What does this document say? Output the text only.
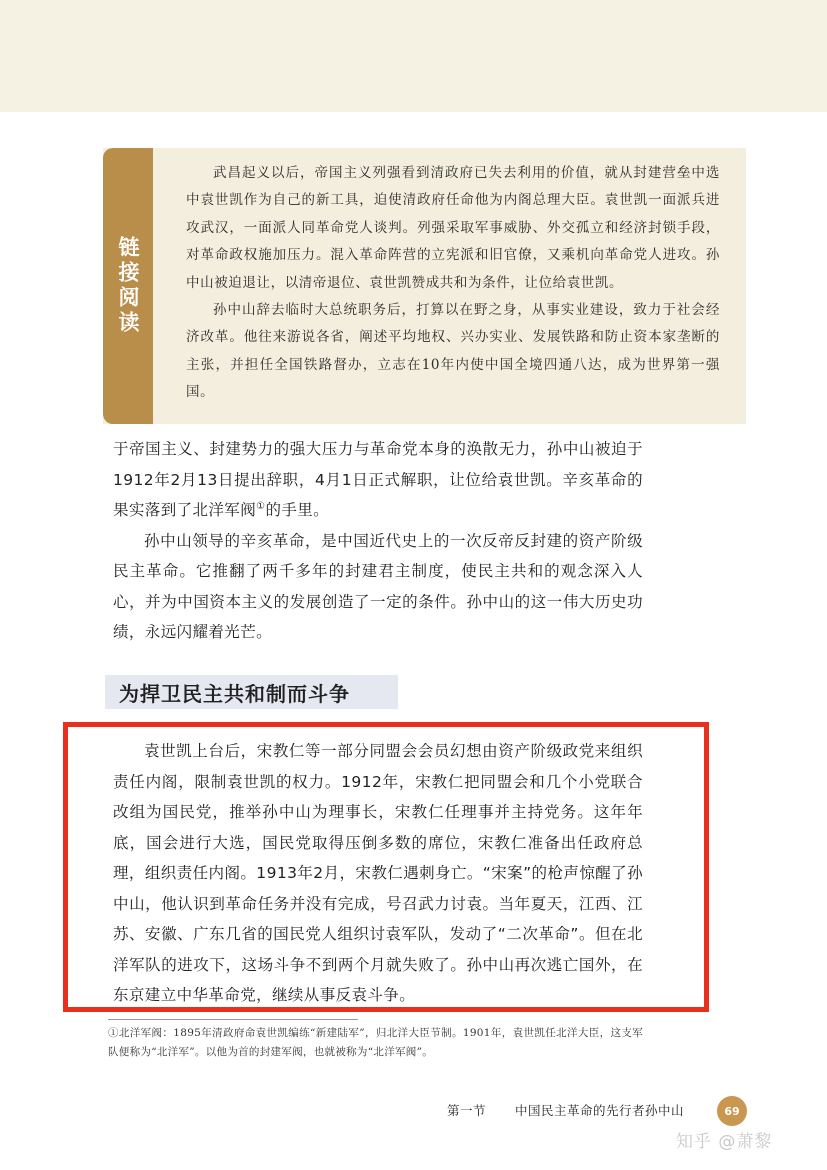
链接阅读

武昌起义以后，帝国主义列强看到清政府已失去利用的价值，就从封建营垒中选中袁世凯作为自己的新工具，迫使清政府任命他为内阁总理大臣。袁世凯一面派兵进攻武汉，一面派人同革命党人谈判。列强采取军事威胁、外交孤立和经济封锁手段，对革命政权施加压力。混入革命阵营的立宪派和旧官僚，又乘机向革命党人进攻。孙中山被迫退让，以清帝退位、袁世凯赞成共和为条件，让位给袁世凯。

孙中山辞去临时大总统职务后，打算以在野之身，从事实业建设，致力于社会经济改革。他往来游说各省，阐述平均地权、兴办实业、发展铁路和防止资本家垄断的主张，并担任全国铁路督办，立志在10年内使中国全境四通八达，成为世界第一强国。

于帝国主义、封建势力的强大压力与革命党本身的涣散无力，孙中山被迫于1912年2月13日提出辞职，4月1日正式解职，让位给袁世凯。辛亥革命的果实落到了北洋军阀①的手里。

孙中山领导的辛亥革命，是中国近代史上的一次反帝反封建的资产阶级民主革命。它推翻了两千多年的封建君主制度，使民主共和的观念深入人心，并为中国资本主义的发展创造了一定的条件。孙中山的这一伟大历史功绩，永远闪耀着光芒。

为捍卫民主共和制而斗争

袁世凯上台后，宋教仁等一部分同盟会会员幻想由资产阶级政党来组织责任内阁，限制袁世凯的权力。1912年，宋教仁把同盟会和几个小党联合改组为国民党，推举孙中山为理事长，宋教仁任理事并主持党务。这年年底，国会进行大选，国民党取得压倒多数的席位，宋教仁准备出任政府总理，组织责任内阁。1913年2月，宋教仁遇刺身亡。“宋案”的枪声惊醒了孙中山，他认识到革命任务并没有完成，号召武力讨袁。当年夏天，江西、江苏、安徽、广东几省的国民党人组织讨袁军队，发动了“二次革命”。但在北洋军队的进攻下，这场斗争不到两个月就失败了。孙中山再次逃亡国外，在东京建立中华革命党，继续从事反袁斗争。

①北洋军阀：1895年清政府命袁世凯编练“新建陆军”，归北洋大臣节制。1901年，袁世凯任北洋大臣，这支军队便称为“北洋军”。以他为首的封建军阀，也就被称为“北洋军阀”。
第一节 中国民主革命的先行者孙中山	69
知乎 @萧黎
